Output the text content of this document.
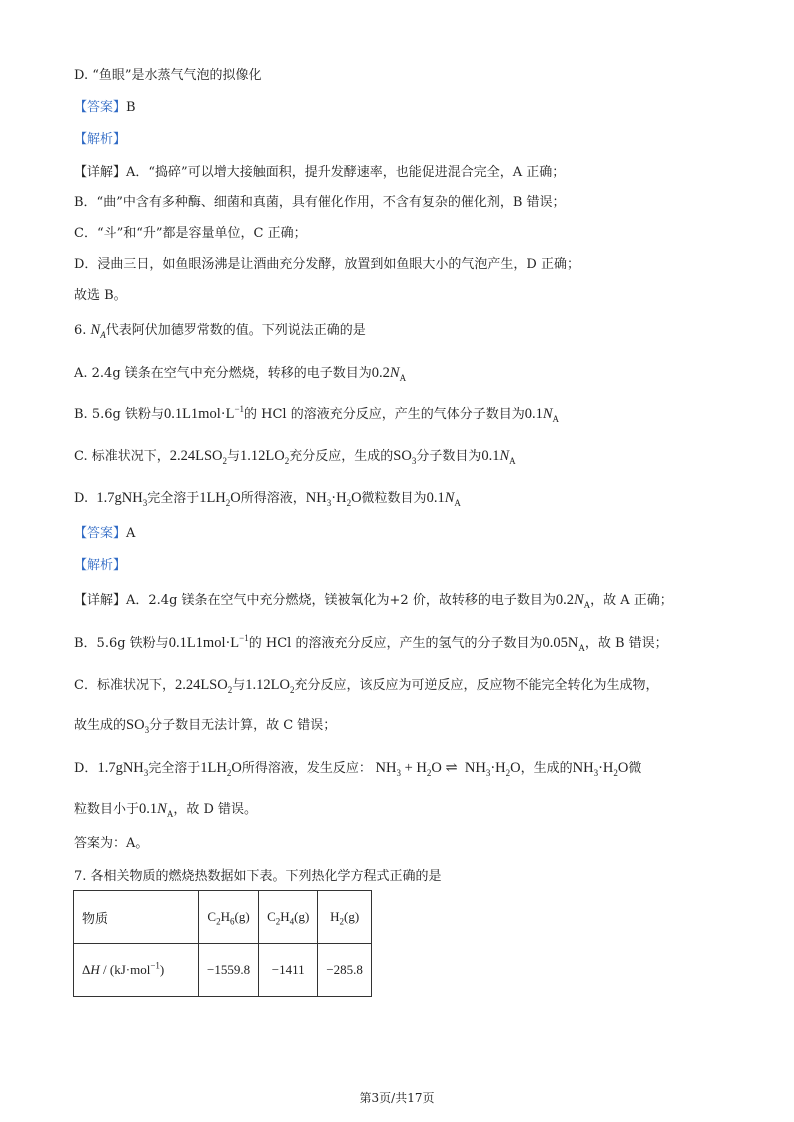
D. “鱼眼”是水蒸气气泡的拟像化
【答案】B
【解析】
【详解】A．“捣碎”可以增大接触面积，提升发酵速率，也能促进混合完全，A 正确；
B．“曲”中含有多种酶、细菌和真菌，具有催化作用，不含有复杂的催化剂，B 错误；
C．“斗”和“升”都是容量单位，C 正确；
D．浸曲三日，如鱼眼汤沸是让酒曲充分发酵，放置到如鱼眼大小的气泡产生，D 正确；
故选 B。
6. $N_A$代表阿伏加德罗常数的值。下列说法正确的是
A. 2.4g 镁条在空气中充分燃烧，转移的电子数目为$0.2N_A$
B. 5.6g 铁粉与$0.1L1mol\cdot L^{-1}$的 HCl 的溶液充分反应，产生的气体分子数目为$0.1N_A$
C. 标准状况下，$2.24LSO_2$与$1.12LO_2$充分反应，生成的$SO_3$分子数目为$0.1N_A$
D. 1.7gNH$_3$完全溶于$1LH_2O$所得溶液，$NH_3\cdot H_2O$微粒数目为$0.1N_A$
【答案】A
【解析】
【详解】A．2.4g 镁条在空气中充分燃烧，镁被氧化为+2 价，故转移的电子数目为$0.2N_A$，故 A 正确；
B．5.6g 铁粉与$0.1L1mol\cdot L^{-1}$的 HCl 的溶液充分反应，产生的氢气的分子数目为$0.05N_A$，故 B 错误；
C．标准状况下，$2.24LSO_2$与$1.12LO_2$充分反应，该反应为可逆反应，反应物不能完全转化为生成物，
故生成的$SO_3$分子数目无法计算，故 C 错误；
D．1.7gNH$_3$完全溶于$1LH_2O$所得溶液，发生反应： $NH_3 + H_2O$ ⇌  $NH_3\cdot H_2O$，生成的$NH_3\cdot H_2O$微
粒数目小于$0.1N_A$，故 D 错误。
答案为：A。
7. 各相关物质的燃烧热数据如下表。下列热化学方程式正确的是
物质	$C_2H_6(g)$	$C_2H_4(g)$	$H_2(g)$
ΔH / (kJ·mol$^{-1}$)	−1559.8	−1411	−285.8
第3页/共17页
